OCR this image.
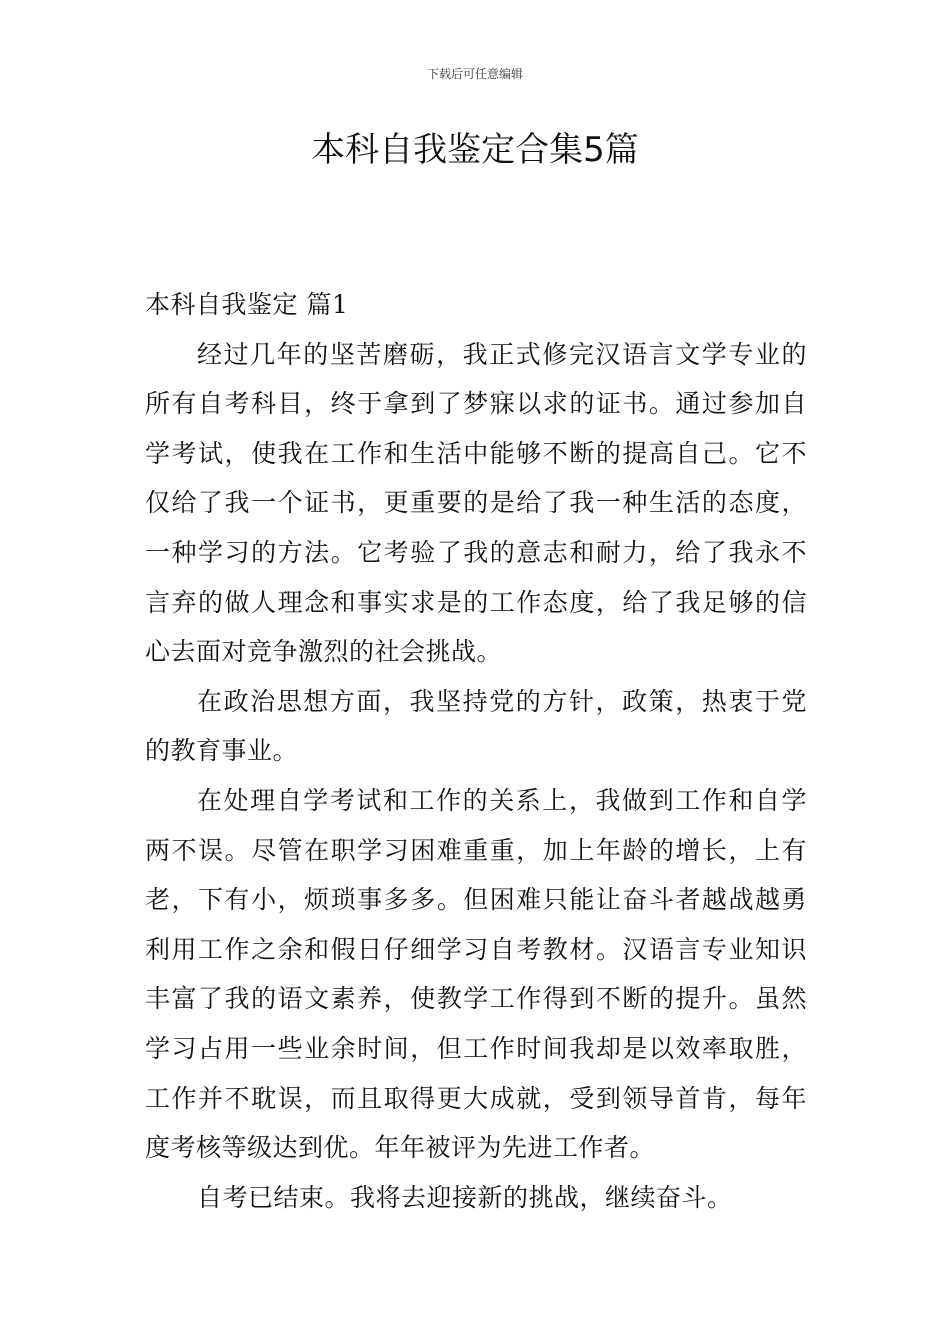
下载后可任意编辑
本科自我鉴定合集5篇
本科自我鉴定 篇1

经过几年的坚苦磨砺，我正式修完汉语言文学专业的所有自考科目，终于拿到了梦寐以求的证书。通过参加自学考试，使我在工作和生活中能够不断的提高自己。它不仅给了我一个证书，更重要的是给了我一种生活的态度，一种学习的方法。它考验了我的意志和耐力，给了我永不言弃的做人理念和事实求是的工作态度，给了我足够的信心去面对竞争激烈的社会挑战。

在政治思想方面，我坚持党的方针，政策，热衷于党的教育事业。

在处理自学考试和工作的关系上，我做到工作和自学两不误。尽管在职学习困难重重，加上年龄的增长，上有老，下有小，烦琐事多多。但困难只能让奋斗者越战越勇利用工作之余和假日仔细学习自考教材。汉语言专业知识丰富了我的语文素养，使教学工作得到不断的提升。虽然学习占用一些业余时间，但工作时间我却是以效率取胜，工作并不耽误，而且取得更大成就，受到领导首肯，每年度考核等级达到优。年年被评为先进工作者。

自考已结束。我将去迎接新的挑战，继续奋斗。
